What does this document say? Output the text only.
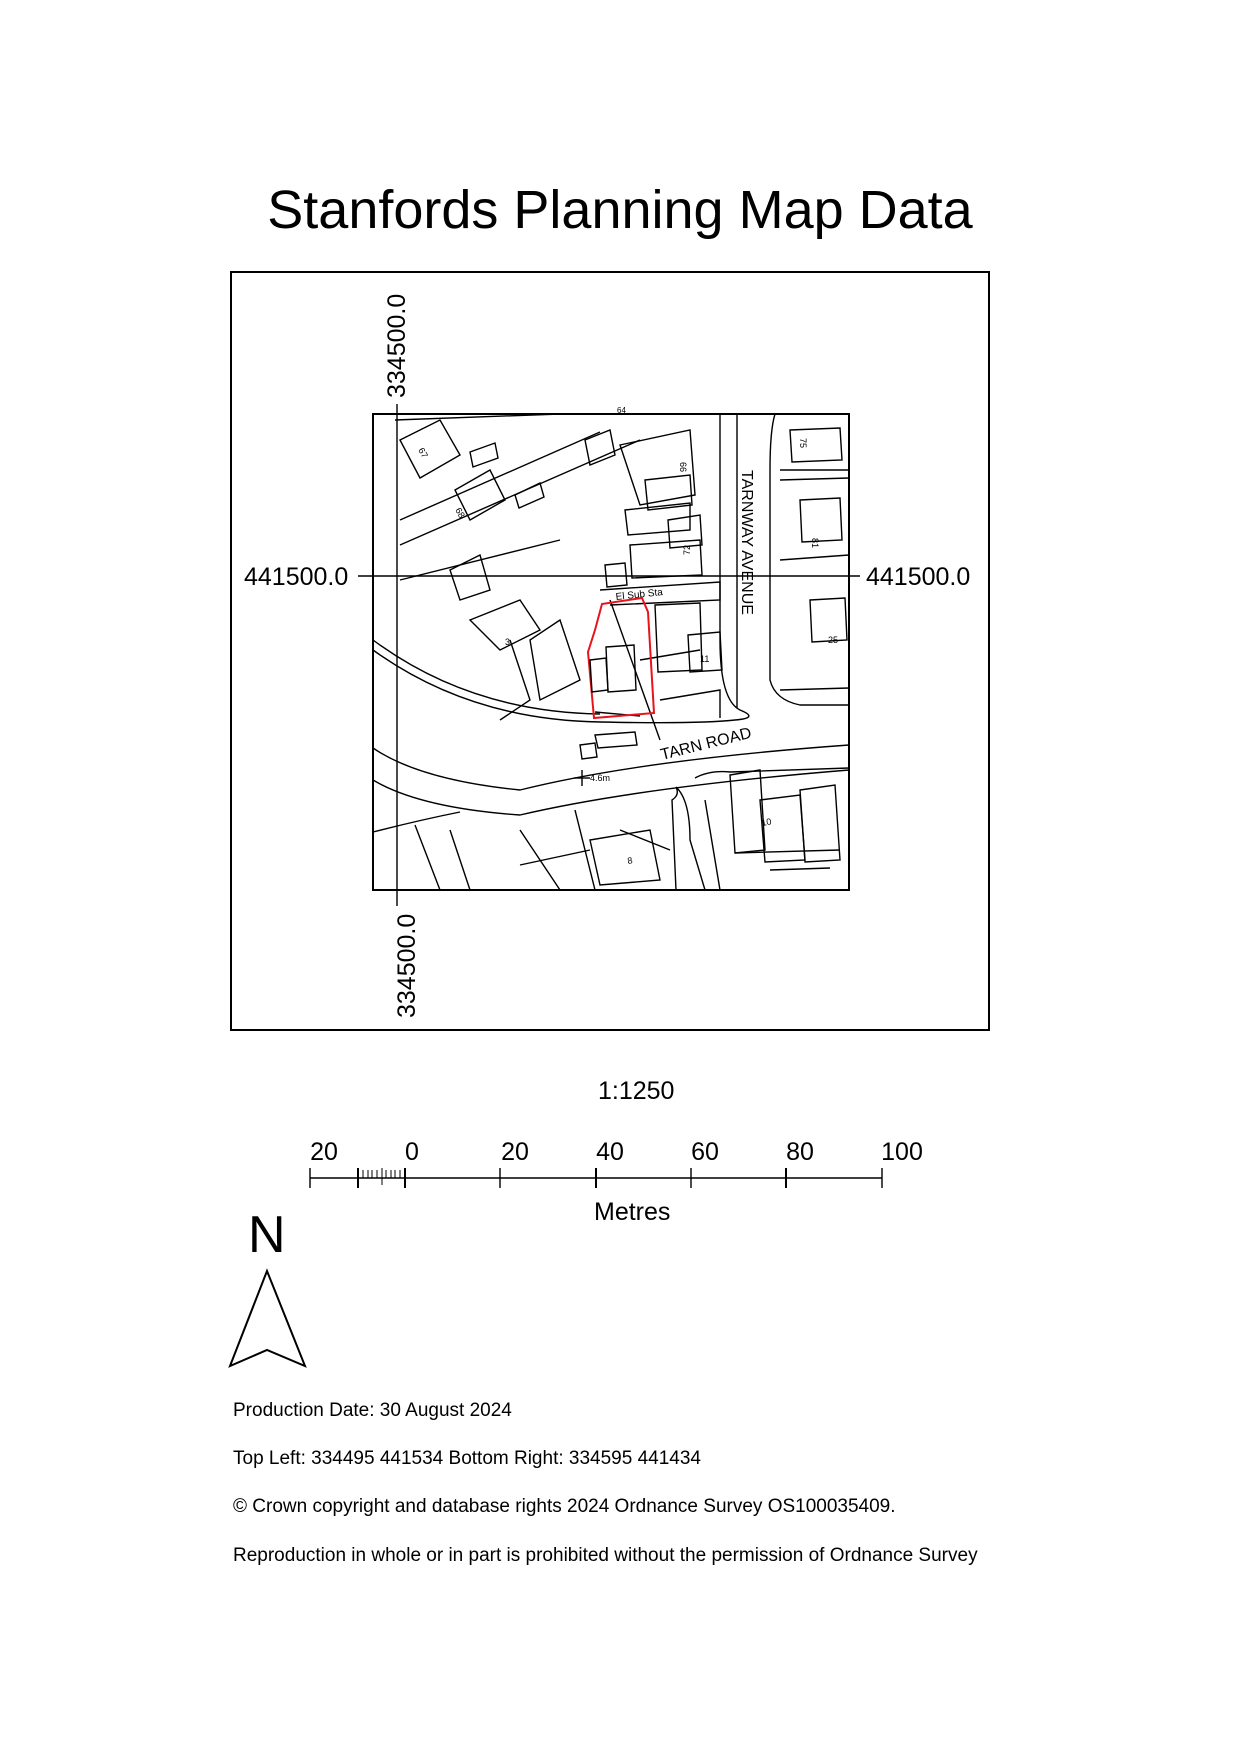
Stanfords Planning Map Data
TARNWAY AVENUE
TARN ROAD
El Sub Sta
4.6m
3
8
10
11
25
64
66
68
67
72
75
81
441500.0	441500.0
334500.0
334500.0
1:1250
20	0	20	40	60	80	100
Metres
N
Production Date: 30 August 2024
Top Left: 334495 441534 Bottom Right: 334595 441434
© Crown copyright and database rights 2024 Ordnance Survey OS100035409.
Reproduction in whole or in part is prohibited without the permission of Ordnance Survey
